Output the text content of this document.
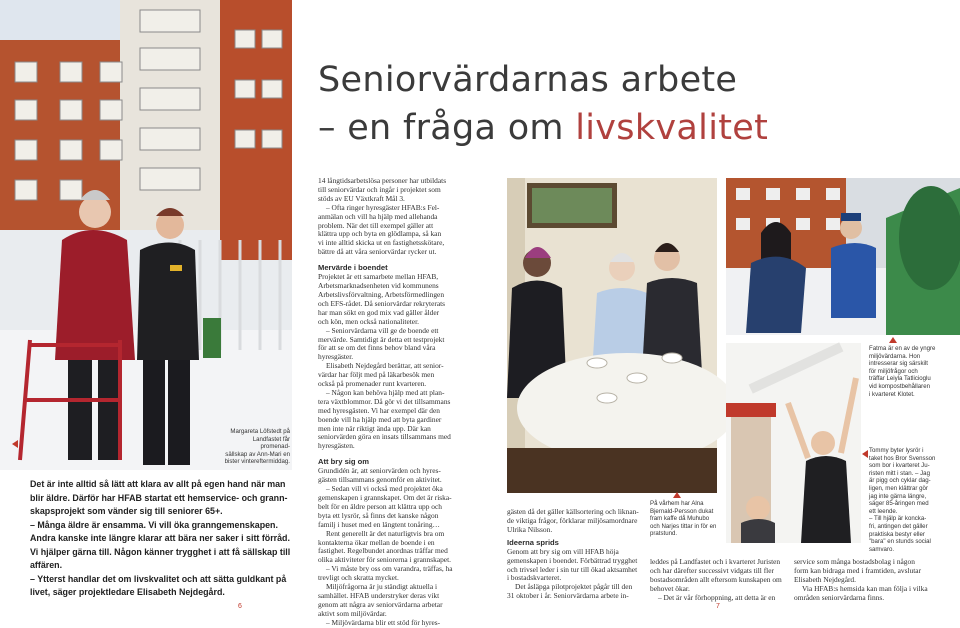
Margareta Löfstedt på
Landfastet får promenad-
sällskap av Ann-Mari en
bister vintereftermiddag.

Det är inte alltid så lätt att klara av allt på egen hand när man

blir äldre. Därför har HFAB startat ett hemservice- och grann-

skapsprojekt som vänder sig till seniorer 65+.

– Många äldre är ensamma. Vi vill öka granngemenskapen.

Andra kanske inte längre klarar att bära ner saker i sitt förråd.

Vi hjälper gärna till. Någon känner trygghet i att få sällskap till

affären.

– Ytterst handlar det om livskvalitet och att sätta guldkant på

livet, säger projektledare Elisabeth Nejdegård.

6
Seniorvärdarnas arbete
– en fråga om livskvalitet

14 långtidsarbetslösa personer har utbildats

till seniorvärdar och ingår i projektet som

stöds av EU Växtkraft Mål 3.

– Ofta ringer hyresgäster HFAB:s Fel-

anmälan och vill ha hjälp med allehanda

problem. När det till exempel gäller att

klättra upp och byta en glödlampa, så kan

vi inte alltid skicka ut en fastighetsskötare,

bättre då att våra seniorvärdar rycker ut.

Mervärde i boendet

Projektet är ett samarbete mellan HFAB,

Arbetsmarknadsenheten vid kommunens

Arbetslivsförvaltning, Arbetsförmedlingen

och EFS-rådet. Då seniorvärdar rekryterats

har man sökt en god mix vad gäller ålder

och kön, men också nationaliteter.

– Seniorvärdarna vill ge de boende ett

mervärde. Samtidigt är detta ett testprojekt

för att se om det finns behov bland våra

hyresgäster.

Elisabeth Nejdegård berättar, att senior-

värdar har följt med på läkarbesök men

också på promenader runt kvarteren.

– Någon kan behöva hjälp med att plan-

tera växtblommor. Då gör vi det tillsammans

med hyresgästen. Vi har exempel där den

boende vill ha hjälp med att byta gardiner

men inte när riktigt ända upp. Där kan

seniorvärden göra en insats tillsammans med

hyresgästen.

Att bry sig om

Grundidén är, att seniorvärden och hyres-

gästen tillsammans genomför en aktivitet.

– Sedan vill vi också med projektet öka

gemenskapen i grannskapet. Om det är riska-

belt för en äldre person att klättra upp och

byta ett lysrör, så finns det kanske någon

familj i huset med en längtent tonåring…

Rent generellt är det naturligtvis bra om

kontakterna ökar mellan de boende i en

fastighet. Regelbundet anordnas träffar med

olika aktiviteter för seniorerna i grannskapet.

– Vi måste bry oss om varandra, träffas, ha

trevligt och skratta mycket.

Miljöfrågorna är ju ständigt aktuella i

samhället. HFAB understryker deras vikt

genom att några av seniorvärdarna arbetar

aktivt som miljövärdar.

– Miljövärdarna blir ett stöd för hyres-

På vårhem har Alna
Bjernald-Persson dukat
fram kaffe då Muhubo
och Narjes tittar in för en
pratstund.

gästen då det gäller källsortering och liknan-

de viktiga frågor, förklarar miljösamordnare

Ulrika Nilsson.

Ideerna sprids

Genom att bry sig om vill HFAB höja

gemenskapen i boendet. Förbättrad trygghet

och trivsel leder i sin tur till ökad aktsamhet

i bostadskvarteret.

Det åsläpga pilotprojektet pågår till den

31 oktober i år. Seniorvärdarna arbete in-

leddes på Landfastet och i kvarteret Juristen

och har därefter successivt vidgats till fler

bostadsområden allt eftersom kunskapen om

behovet ökar.

– Det är vår förhoppning, att detta är en

Fatma är en av de yngre
miljövärdarna. Hon
intresserar sig särskilt
för miljöfrågor och
träffar Leiyla Tatlicioglu
vid kompostbehållaren
i kvarteret Klotet.
Tommy byter lysrör i
taket hos Bror Svensson
som bor i kvarteret Ju-
risten mitt i stan. – Jag
är pigg och cyklar dag-
ligen, men klättrar gör
jag inte gärna längre,
säger 85-åringen med
ett leende.
– Till hjälp är koncka-
fri, antingen det gäller
praktiska bestyr eller
"bara" en stunds social
samvaro.

service som många bostadsbolag i någon

form kan bidraga med i framtiden, avslutar

Elisabeth Nejdegård.

Via HFAB:s hemsida kan man följa i vilka

områden seniorvärdarna finns.

7
